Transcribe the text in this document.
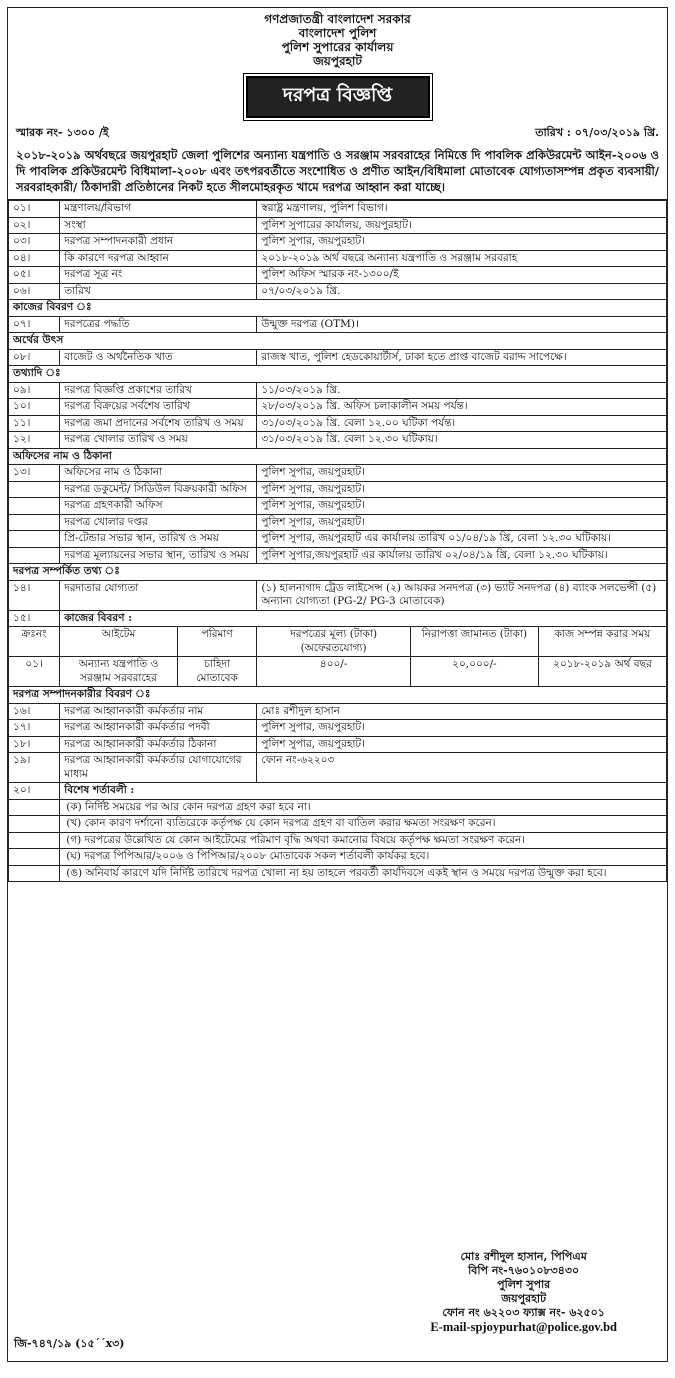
গণপ্রজাতন্ত্রী বাংলাদেশ সরকার
বাংলাদেশ পুলিশ
পুলিশ সুপারের কার্যালয়
জয়পুরহাট
দরপত্র বিজ্ঞপ্তি
স্মারক নং- ১৩০০ /ই	তারিখ : ০৭/০৩/২০১৯ খ্রি.
২০১৮-২০১৯ অর্থবছরে জয়পুরহাট জেলা পুলিশের অন্যান্য যন্ত্রপাতি ও সরঞ্জাম সরবরাহের নিমিত্তে দি পাবলিক প্রকিউরমেন্ট আইন-২০০৬ ও দি পাবলিক প্রকিউরমেন্ট বিধিমালা-২০০৮ এবং তৎপরবর্তীতে সংশোধিত ও প্রণীত আইন/বিধিমালা মোতাবেক যোগ্যতাসম্পন্ন প্রকৃত ব্যবসায়ী/ সরবরাহকারী/ ঠিকাদারী প্রতিষ্ঠানের নিকট হতে সীলমোহরকৃত খামে দরপত্র আহ্বান করা যাচ্ছে।
০১।	মন্ত্রণালয়/বিভাগ		স্বরাষ্ট্র মন্ত্রণালয়, পুলিশ বিভাগ।		
০২।	সংস্থা		পুলিশ সুপারের কার্যালয়, জয়পুরহাট।		
০৩।	দরপত্র সম্পাদনকারী প্রধান		পুলিশ সুপার, জয়পুরহাট।		
০৪।	কি কারণে দরপত্র আহ্বান		২০১৮-২০১৯ অর্থ বছরে অন্যান্য যন্ত্রপাতি ও সরঞ্জাম সরবরাহ		
০৫।	দরপত্র সূত্র নং		পুলিশ অফিস স্মারক নং-১৩০০/ই		
০৬।	তারিখ		০৭/০৩/২০১৯ খ্রি.		
কাজের বিবরণ ঃ					
০৭।	দরপত্রের পদ্ধতি		উন্মুক্ত দরপত্র (OTM)।		
অর্থের উৎস					
০৮।	বাজেট ও অর্থনৈতিক খাত		রাজস্ব খাত, পুলিশ হেডকোয়ার্টার্স, ঢাকা হতে প্রাপ্ত বাজেট বরাদ্দ সাপেক্ষে।		
তথ্যাদি ঃ					
০৯।	দরপত্র বিজ্ঞপ্তি প্রকাশের তারিখ		১১/০৩/২০১৯ খ্রি.		
১০।	দরপত্র বিক্রয়ের সর্বশেষ তারিখ		২৮/০৩/২০১৯ খ্রি. অফিস চলাকালীন সময় পর্যন্ত।		
১১।	দরপত্র জমা প্রদানের সর্বশেষ তারিখ ও সময়		৩১/০৩/২০১৯ খ্রি. বেলা ১২.০০ ঘটিকা পর্যন্ত।		
১২।	দরপত্র খোলার তারিখ ও সময়		৩১/০৩/২০১৯ খ্রি. বেলা ১২.৩০ ঘটিকায়।		
অফিসের নাম ও ঠিকানা					
১৩।	অফিসের নাম ও ঠিকানা		পুলিশ সুপার, জয়পুরহাট।		
	দরপত্র ডকুমেন্ট/ সিডিউল বিক্রয়কারী অফিস		পুলিশ সুপার, জয়পুরহাট।		
	দরপত্র গ্রহণকারী অফিস		পুলিশ সুপার, জয়পুরহাট।		
	দরপত্র খোলার দপ্তর		পুলিশ সুপার, জয়পুরহাট।		
	প্রি-টেন্ডার সভার স্থান, তারিখ ও সময়		পুলিশ সুপার, জয়পুরহাট এর কার্যালয় তারিখ ০১/০৪/১৯ খ্রি, বেলা ১২.৩০ ঘটিকায়।		
	দরপত্র মূল্যায়নের সভার স্থান, তারিখ ও সময়		পুলিশ সুপার,জয়পুরহাট এর কার্যালয় তারিখ ০২/০৪/১৯ খ্রি, বেলা ১২.৩০ ঘটিকায়।		
দরপত্র সম্পর্কিত তথ্য ঃ					
১৪।	দরদাতার যোগ্যতা		(১) হালনাগাদ ট্রেড লাইসেন্স (২) আয়কর সনদপত্র (৩) ভ্যাট সনদপত্র (৪) ব্যাংক সলভেন্সী (৫) অন্যান্য যোগ্যতা (PG-2/ PG-3 মোতাবেক)		
১৫।	কাজের বিবরণ :				
ক্রঃনং	আইটেম	পরিমাণ	দরপত্রের মূল্য (টাকা) (অফেরতযোগ্য)	নিরাপত্তা জামানত (টাকা)	কাজ সম্পন্ন করার সময়
০১।	অন্যান্য যন্ত্রপাতি ও সরঞ্জাম সরবরাহের	চাহিদা মোতাবেক	৪০০/-	২০,০০০/-	২০১৮-২০১৯ অর্থ বছর
দরপত্র সম্পাদনকারীর বিবরণ ঃ					
১৬।	দরপত্র আহ্বানকারী কর্মকর্তার নাম		মোঃ রশীদুল হাসান		
১৭।	দরপত্র আহ্বানকারী কর্মকর্তার পদবী		পুলিশ সুপার, জয়পুরহাট।		
১৮।	দরপত্র আহ্বানকারী কর্মকর্তার ঠিকানা		পুলিশ সুপার, জয়পুরহাট।		
১৯।	দরপত্র আহ্বানকারী কর্মকর্তার যোগাযোগের মাধ্যম		ফোন নং-৬২২০৩		
২০।	বিশেষ শর্তাবলী :				
	(ক) নির্দিষ্ট সময়ের পর আর কোন দরপত্র গ্রহণ করা হবে না।				
	(খ) কোন কারণ দর্শানো ব্যতিরেকে কর্তৃপক্ষ যে কোন দরপত্র গ্রহণ বা বাতিল করার ক্ষমতা সংরক্ষণ করেন।				
	(গ) দরপত্রের উল্লেখিত যে কোন আইটেমের পরিমাণ বৃদ্ধি অথবা কমানোর বিষয়ে কর্তৃপক্ষ ক্ষমতা সংরক্ষণ করেন।				
	(ঘ) দরপত্র পিপিআর/২০০৬ ও পিপিআর/২০০৮ মোতাবেক সকল শর্তাবলী কার্যকর হবে।				
	(ঙ) অনিবার্য কারণে যদি নির্দিষ্ট তারিখে দরপত্র খোলা না হয় তাহলে পরবর্তী কার্যদিবসে একই স্থান ও সময়ে দরপত্র উন্মুক্ত করা হবে।				
মোঃ রশীদুল হাসান, পিপিএম
বিপি নং-৭৬০১০৮৩৪৩০
পুলিশ সুপার
জয়পুরহাট
ফোন নং ৬২২০৩ ফ্যাক্স নং- ৬২৫০১
E-mail-spjoypurhat@police.gov.bd
জি-৭৪৭/১৯ (১৫´´x৩)
